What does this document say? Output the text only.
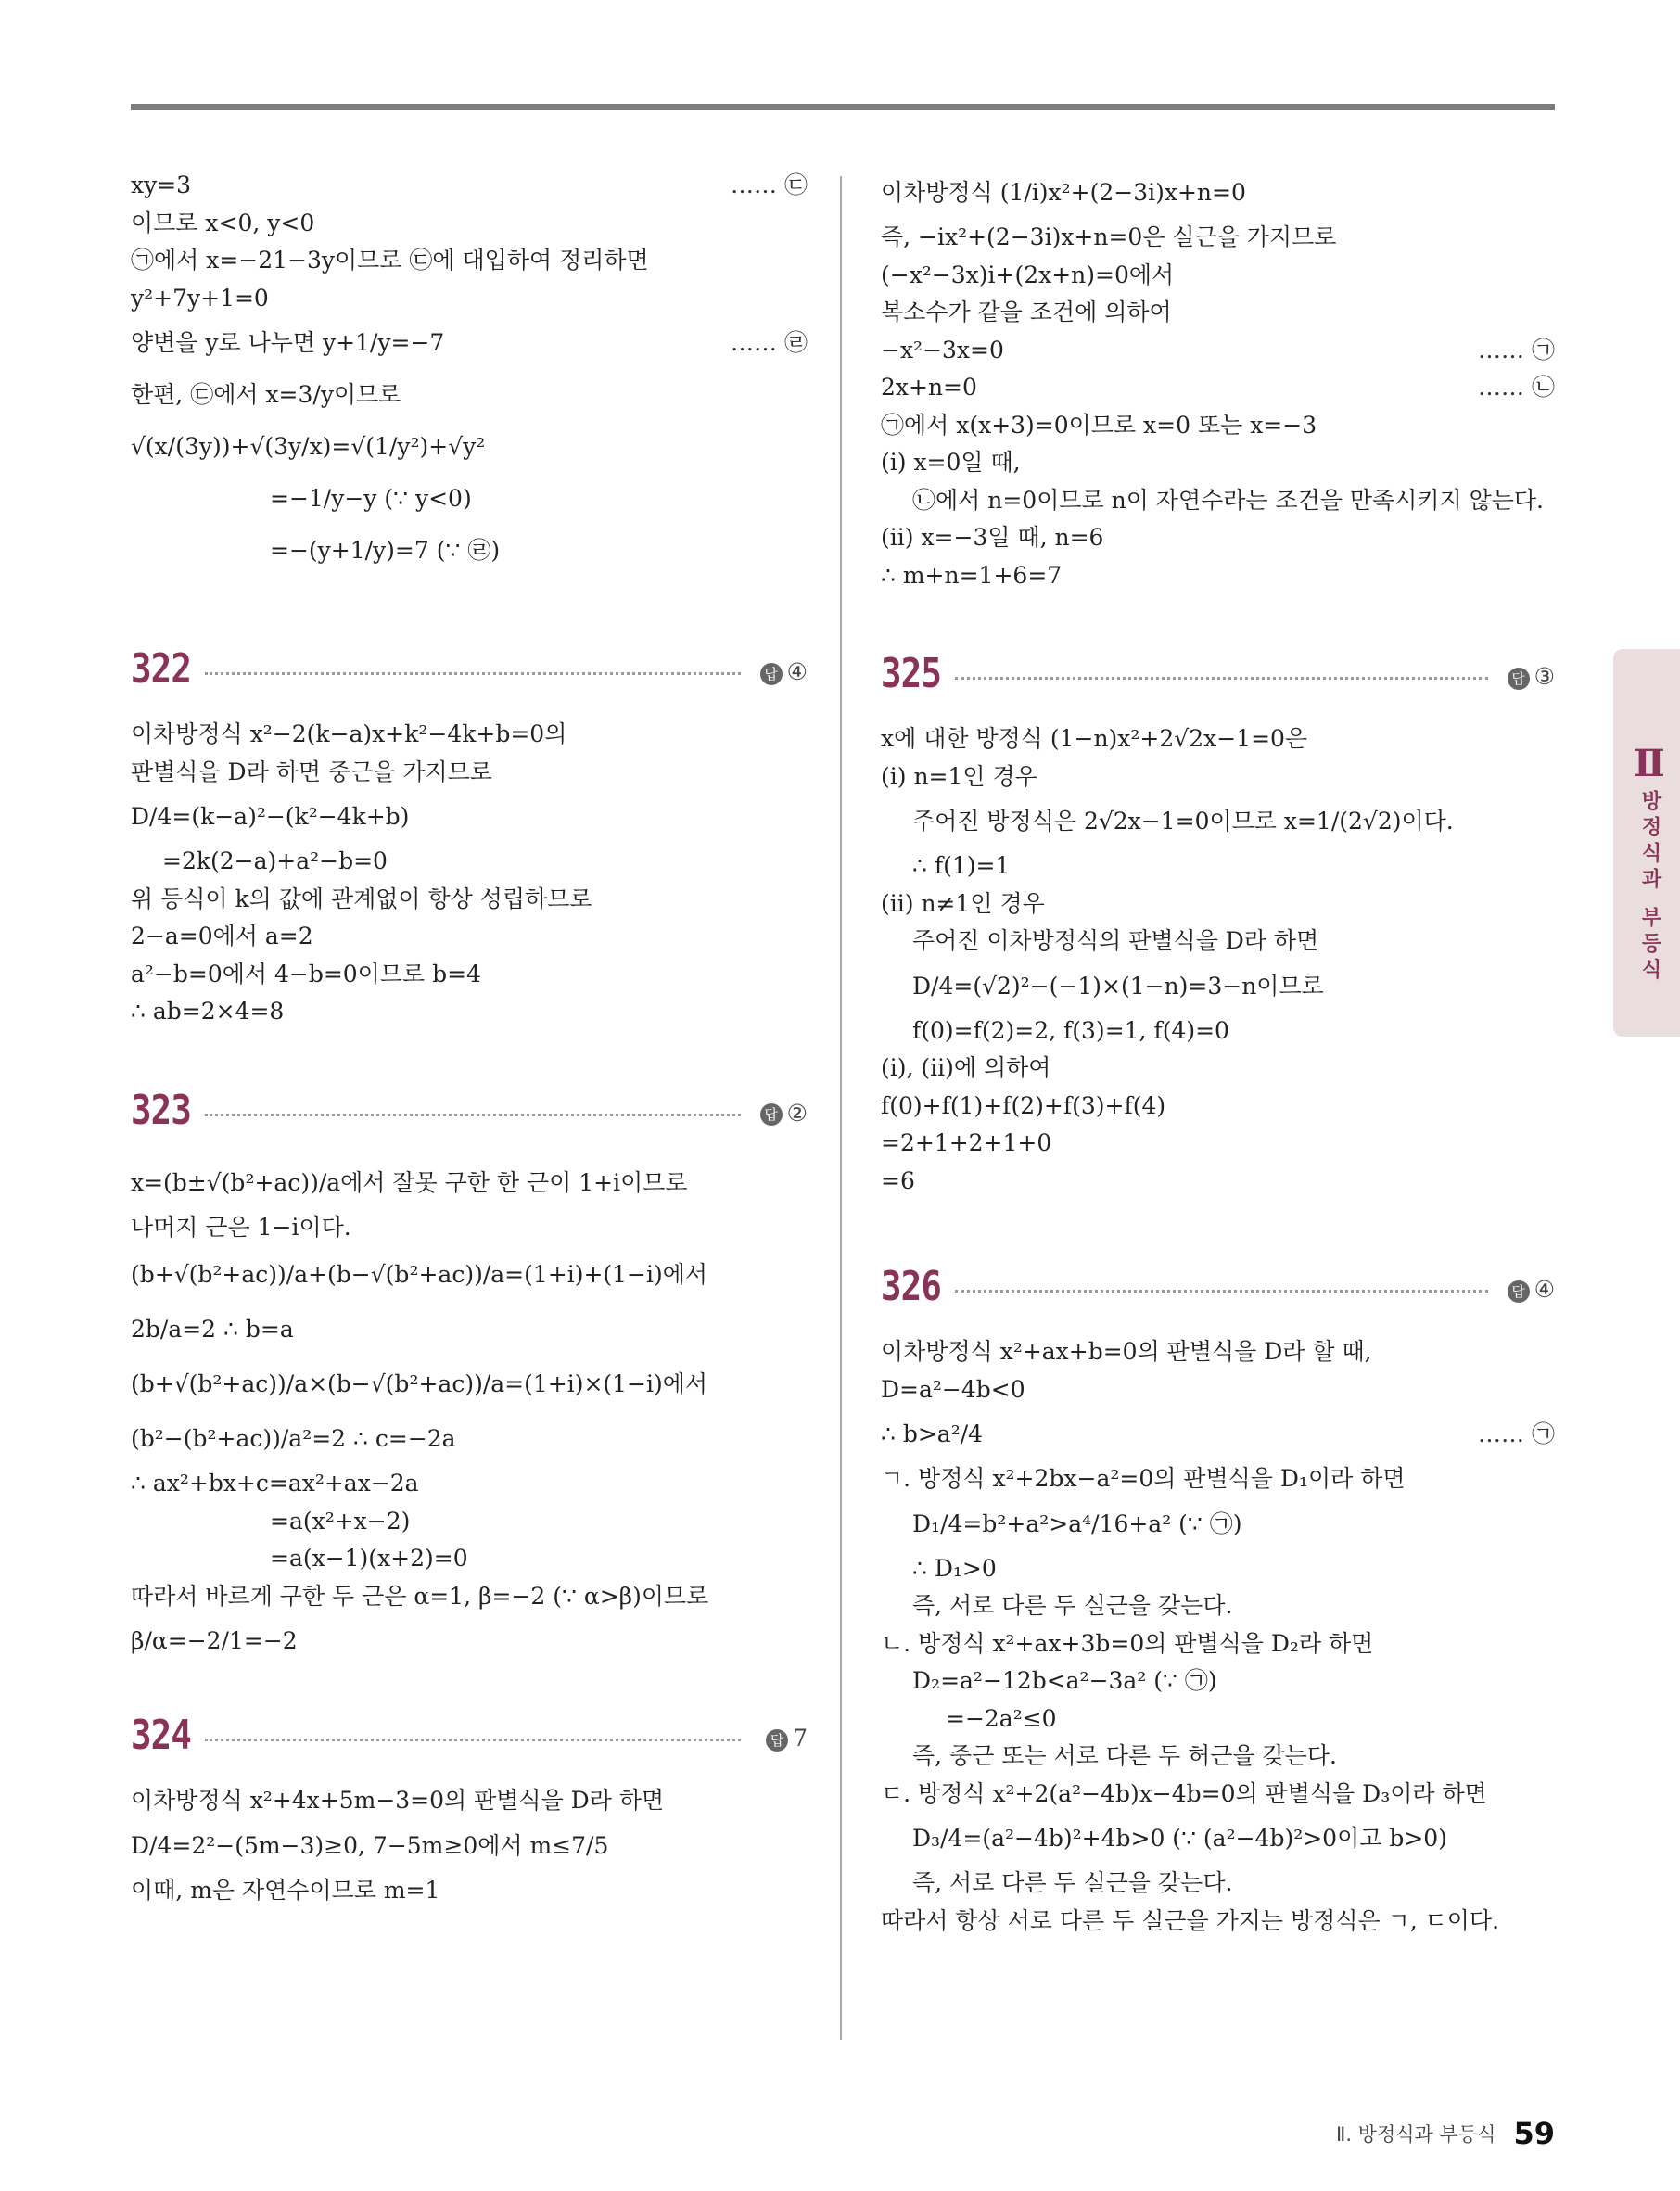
xy=3	…… ㉢
이므로 x<0, y<0
㉠에서 x=−21−3y이므로 ㉢에 대입하여 정리하면
y²+7y+1=0
양변을 y로 나누면 y+1/y=−7	…… ㉣
한편, ㉢에서 x=3/y이므로
√(x/(3y))+√(3y/x)=√(1/y²)+√y²
=−1/y−y (∵ y<0)
=−(y+1/y)=7 (∵ ㉣)
322	답 ④
이차방정식 x²−2(k−a)x+k²−4k+b=0의
판별식을 D라 하면 중근을 가지므로
D/4=(k−a)²−(k²−4k+b)
=2k(2−a)+a²−b=0
위 등식이 k의 값에 관계없이 항상 성립하므로
2−a=0에서 a=2
a²−b=0에서 4−b=0이므로 b=4
∴ ab=2×4=8
323	답 ②
x=(b±√(b²+ac))/a에서 잘못 구한 한 근이 1+i이므로
나머지 근은 1−i이다.
(b+√(b²+ac))/a+(b−√(b²+ac))/a=(1+i)+(1−i)에서
2b/a=2 ∴ b=a
(b+√(b²+ac))/a×(b−√(b²+ac))/a=(1+i)×(1−i)에서
(b²−(b²+ac))/a²=2 ∴ c=−2a
∴ ax²+bx+c=ax²+ax−2a
=a(x²+x−2)
=a(x−1)(x+2)=0
따라서 바르게 구한 두 근은 α=1, β=−2 (∵ α>β)이므로
β/α=−2/1=−2
324	답 7
이차방정식 x²+4x+5m−3=0의 판별식을 D라 하면
D/4=2²−(5m−3)≥0, 7−5m≥0에서 m≤7/5
이때, m은 자연수이므로 m=1
이차방정식 (1/i)x²+(2−3i)x+n=0
즉, −ix²+(2−3i)x+n=0은 실근을 가지므로
(−x²−3x)i+(2x+n)=0에서
복소수가 같을 조건에 의하여
−x²−3x=0	…… ㉠
2x+n=0	…… ㉡
㉠에서 x(x+3)=0이므로 x=0 또는 x=−3
(ⅰ) x=0일 때,
㉡에서 n=0이므로 n이 자연수라는 조건을 만족시키지 않는다.
(ⅱ) x=−3일 때, n=6
∴ m+n=1+6=7
325	답 ③
x에 대한 방정식 (1−n)x²+2√2x−1=0은
(ⅰ) n=1인 경우
주어진 방정식은 2√2x−1=0이므로 x=1/(2√2)이다.
∴ f(1)=1
(ⅱ) n≠1인 경우
주어진 이차방정식의 판별식을 D라 하면
D/4=(√2)²−(−1)×(1−n)=3−n이므로
f(0)=f(2)=2, f(3)=1, f(4)=0
(ⅰ), (ⅱ)에 의하여
f(0)+f(1)+f(2)+f(3)+f(4)
=2+1+2+1+0
=6
326	답 ④
이차방정식 x²+ax+b=0의 판별식을 D라 할 때,
D=a²−4b<0
∴ b>a²/4	…… ㉠
ㄱ. 방정식 x²+2bx−a²=0의 판별식을 D₁이라 하면
D₁/4=b²+a²>a⁴/16+a² (∵ ㉠)
∴ D₁>0
즉, 서로 다른 두 실근을 갖는다.
ㄴ. 방정식 x²+ax+3b=0의 판별식을 D₂라 하면
D₂=a²−12b<a²−3a² (∵ ㉠)
=−2a²≤0
즉, 중근 또는 서로 다른 두 허근을 갖는다.
ㄷ. 방정식 x²+2(a²−4b)x−4b=0의 판별식을 D₃이라 하면
D₃/4=(a²−4b)²+4b>0 (∵ (a²−4b)²>0이고 b>0)
즉, 서로 다른 두 실근을 갖는다.
따라서 항상 서로 다른 두 실근을 가지는 방정식은 ㄱ, ㄷ이다.
Ⅱ
방정식과 부등식
Ⅱ. 방정식과 부등식 59
